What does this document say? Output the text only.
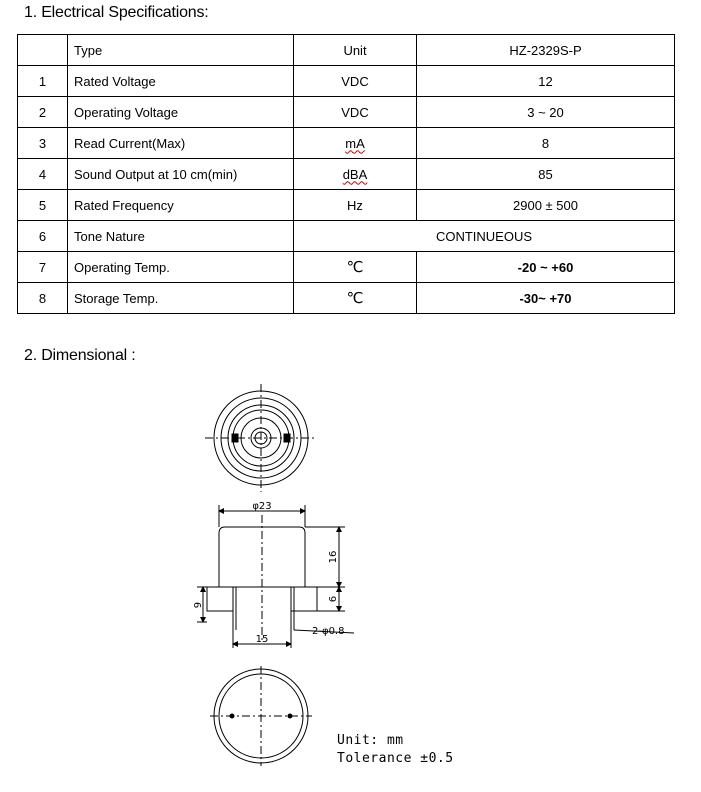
1. Electrical Specifications:
	Type	Unit	HZ-2329S-P
1	Rated Voltage	VDC	12
2	Operating Voltage	VDC	3 ~ 20
3	Read Current(Max)	mA	8
4	Sound Output at 10 cm(min)	dBA	85
5	Rated Frequency	Hz	2900 ± 500
6	Tone Nature	CONTINUEOUS	
7	Operating Temp.	℃	-20 ~ +60
8	Storage Temp.	℃	-30~ +70
2. Dimensional :
φ23
16
6
9
15
2-φ0.8
Unit: mm
Tolerance ±0.5
